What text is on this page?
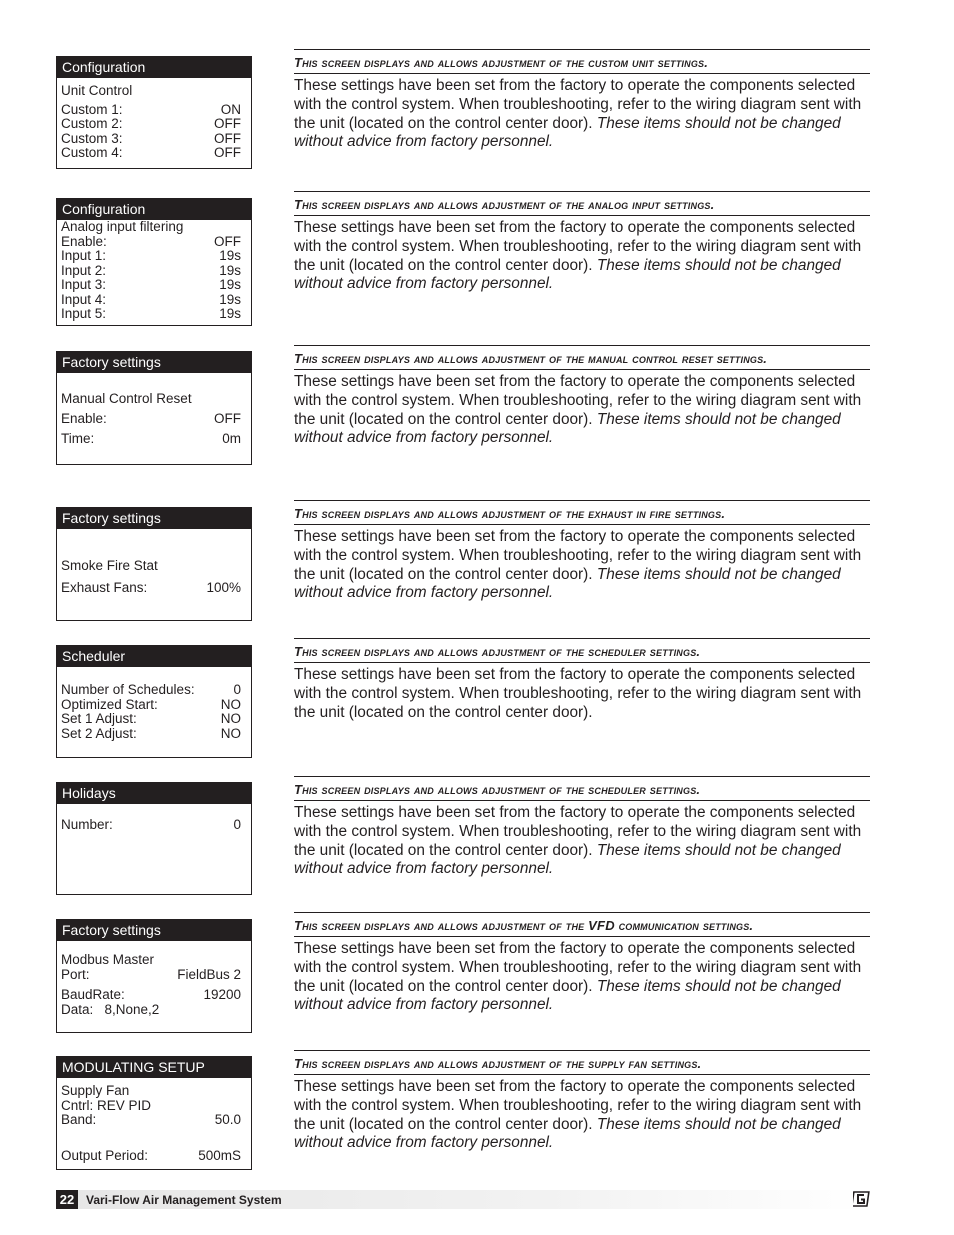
Configuration
Unit Control
Custom 1:	ON
Custom 2:	OFF
Custom 3:	OFF
Custom 4:	OFF
Configuration
Analog input filtering
Enable:	OFF
Input 1:	19s
Input 2:	19s
Input 3:	19s
Input 4:	19s
Input 5:	19s
Factory settings
Manual Control Reset
Enable:	OFF
Time:	0m
Factory settings
Smoke Fire Stat
Exhaust Fans:	100%
Scheduler
Number of Schedules:	0
Optimized Start:	NO
Set 1 Adjust:	NO
Set 2 Adjust:	NO
Holidays
Number:	0
Factory settings
Modbus Master
Port:	FieldBus 2
BaudRate:	19200
Data:   8,None,2
MODULATING SETUP
Supply Fan
Cntrl: REV PID
Band:	50.0
Output Period:	500mS
This screen displays and allows adjustment of the custom unit settings.
These settings have been set from the factory to operate the components selected with the control system. When troubleshooting, refer to the wiring diagram sent with the unit (located on the control center door). These items should not be changed without advice from factory personnel.
This screen displays and allows adjustment of the analog input settings.
These settings have been set from the factory to operate the components selected with the control system. When troubleshooting, refer to the wiring diagram sent with the unit (located on the control center door). These items should not be changed without advice from factory personnel.
This screen displays and allows adjustment of the manual control reset settings.
These settings have been set from the factory to operate the components selected with the control system. When troubleshooting, refer to the wiring diagram sent with the unit (located on the control center door). These items should not be changed without advice from factory personnel.
This screen displays and allows adjustment of the exhaust in fire settings.
These settings have been set from the factory to operate the components selected with the control system. When troubleshooting, refer to the wiring diagram sent with the unit (located on the control center door). These items should not be changed without advice from factory personnel.
This screen displays and allows adjustment of the scheduler settings.
These settings have been set from the factory to operate the components selected with the control system. When troubleshooting, refer to the wiring diagram sent with the unit (located on the control center door).
This screen displays and allows adjustment of the scheduler settings.
These settings have been set from the factory to operate the components selected with the control system. When troubleshooting, refer to the wiring diagram sent with the unit (located on the control center door). These items should not be changed without advice from factory personnel.
This screen displays and allows adjustment of the VFD communication settings.
These settings have been set from the factory to operate the components selected with the control system. When troubleshooting, refer to the wiring diagram sent with the unit (located on the control center door). These items should not be changed without advice from factory personnel.
This screen displays and allows adjustment of the supply fan settings.
These settings have been set from the factory to operate the components selected with the control system. When troubleshooting, refer to the wiring diagram sent with the unit (located on the control center door). These items should not be changed without advice from factory personnel.
22 Vari-Flow Air Management System
